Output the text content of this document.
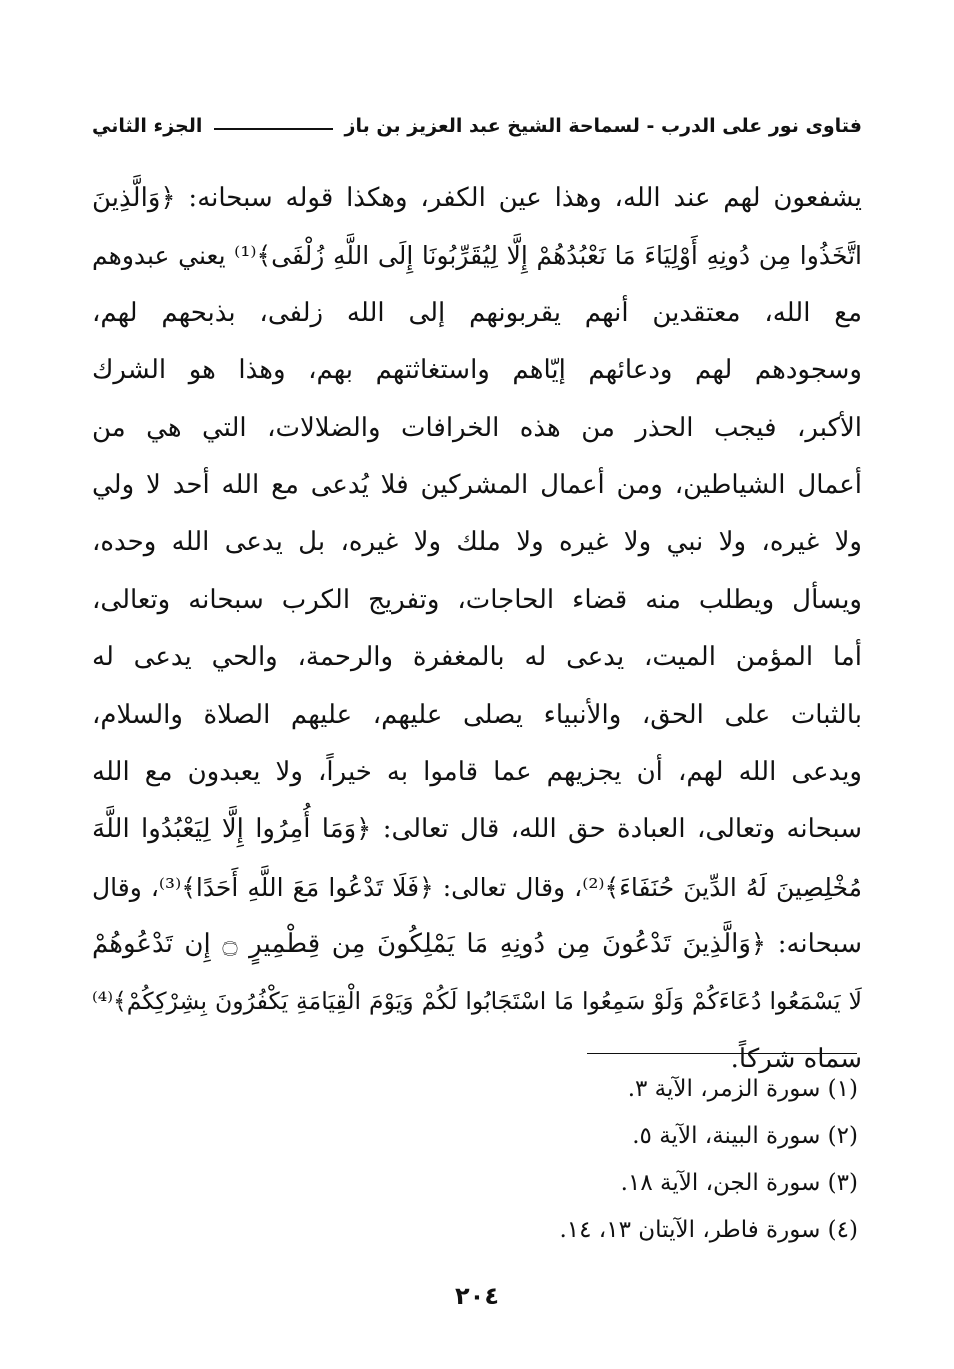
فتاوى نور على الدرب - لسماحة الشيخ عبد العزيز بن باز
الجزء الثاني
يشفعون لهم عند الله، وهذا عين الكفر، وهكذا قوله سبحانه: ﴿وَالَّذِينَ
اتَّخَذُوا مِن دُونِهِ أَوْلِيَاءَ مَا نَعْبُدُهُمْ إِلَّا لِيُقَرِّبُونَا إِلَى اللَّهِ زُلْفَى﴾⁽¹⁾ يعني عبدوهم
مع الله، معتقدين أنهم يقربونهم إلى الله زلفى، بذبحهم لهم،
وسجودهم لهم ودعائهم إيّاهم واستغاثتهم بهم، وهذا هو الشرك
الأكبر، فيجب الحذر من هذه الخرافات والضلالات، التي هي من
أعمال الشياطين، ومن أعمال المشركين فلا يُدعى مع الله أحد لا ولي
ولا غيره، ولا نبي ولا غيره ولا ملك ولا غيره، بل يدعى الله وحده،
ويسأل ويطلب منه قضاء الحاجات، وتفريج الكرب سبحانه وتعالى،
أما المؤمن الميت، يدعى له بالمغفرة والرحمة، والحي يدعى له
بالثبات على الحق، والأنبياء يصلى عليهم، عليهم الصلاة والسلام،
ويدعى الله لهم، أن يجزيهم عما قاموا به خيراً، ولا يعبدون مع الله
سبحانه وتعالى، العبادة حق الله، قال تعالى: ﴿وَمَا أُمِرُوا إِلَّا لِيَعْبُدُوا اللَّهَ
مُخْلِصِينَ لَهُ الدِّينَ حُنَفَاءَ﴾⁽²⁾، وقال تعالى: ﴿فَلَا تَدْعُوا مَعَ اللَّهِ أَحَدًا﴾⁽³⁾، وقال
سبحانه: ﴿وَالَّذِينَ تَدْعُونَ مِن دُونِهِ مَا يَمْلِكُونَ مِن قِطْمِيرٍ ۝ إِن تَدْعُوهُمْ
لَا يَسْمَعُوا دُعَاءَكُمْ وَلَوْ سَمِعُوا مَا اسْتَجَابُوا لَكُمْ وَيَوْمَ الْقِيَامَةِ يَكْفُرُونَ بِشِرْكِكُمْ﴾⁽⁴⁾
سماه شركاً.
(١) سورة الزمر، الآية ٣.
(٢) سورة البينة، الآية ٥.
(٣) سورة الجن، الآية ١٨.
(٤) سورة فاطر، الآيتان ١٣، ١٤.
٢٠٤
